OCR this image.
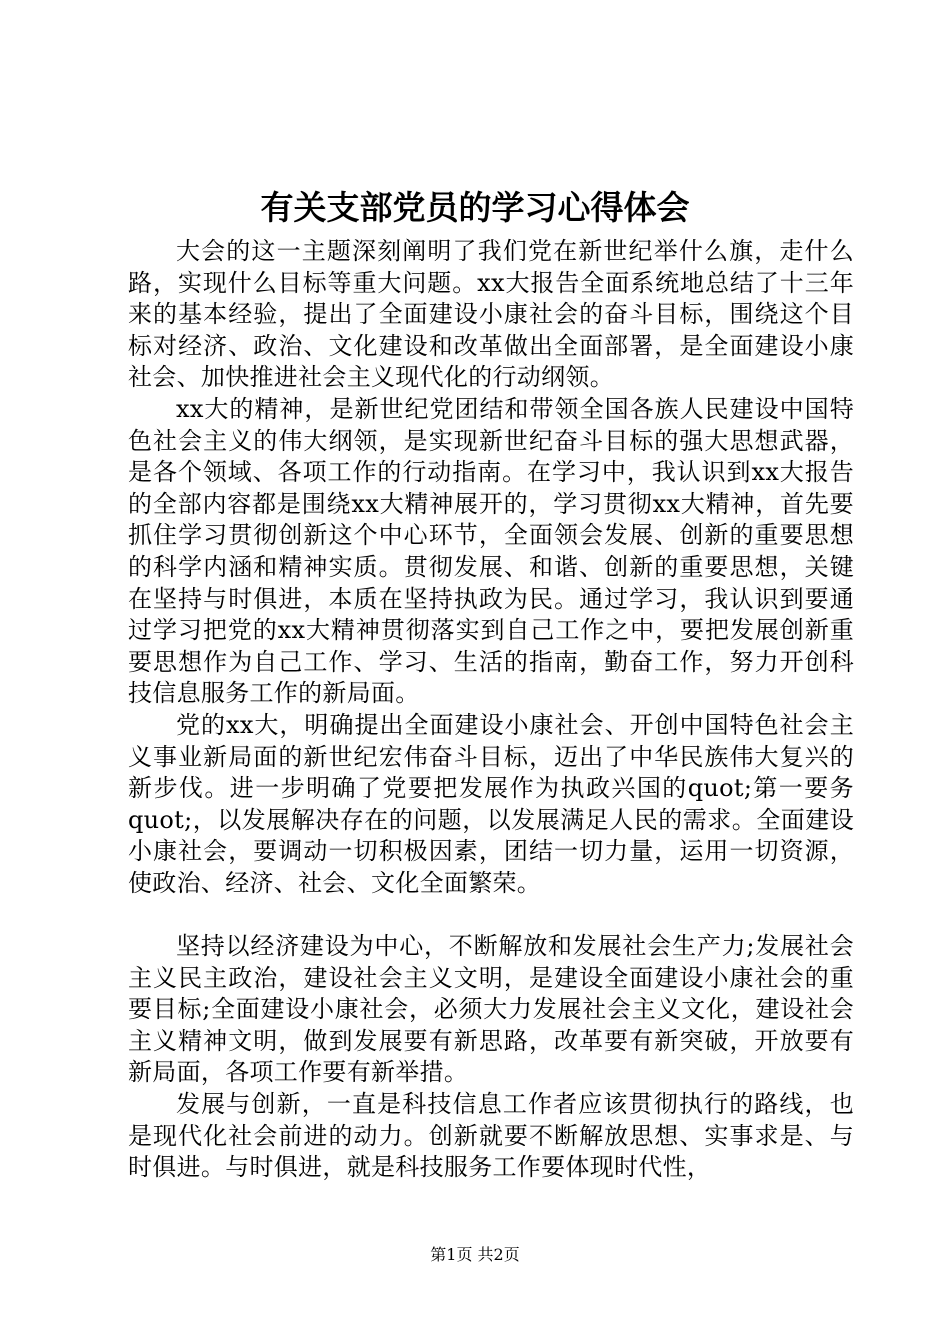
有关支部党员的学习心得体会

大会的这一主题深刻阐明了我们党在新世纪举什么旗，走什么路，实现什么目标等重大问题。xx大报告全面系统地总结了十三年来的基本经验，提出了全面建设小康社会的奋斗目标，围绕这个目标对经济、政治、文化建设和改革做出全面部署，是全面建设小康社会、加快推进社会主义现代化的行动纲领。

xx大的精神，是新世纪党团结和带领全国各族人民建设中国特色社会主义的伟大纲领，是实现新世纪奋斗目标的强大思想武器，是各个领域、各项工作的行动指南。在学习中，我认识到xx大报告的全部内容都是围绕xx大精神展开的，学习贯彻xx大精神，首先要抓住学习贯彻创新这个中心环节，全面领会发展、创新的重要思想的科学内涵和精神实质。贯彻发展、和谐、创新的重要思想，关键在坚持与时俱进，本质在坚持执政为民。通过学习，我认识到要通过学习把党的xx大精神贯彻落实到自己工作之中，要把发展创新重要思想作为自己工作、学习、生活的指南，勤奋工作，努力开创科技信息服务工作的新局面。

党的xx大，明确提出全面建设小康社会、开创中国特色社会主义事业新局面的新世纪宏伟奋斗目标，迈出了中华民族伟大复兴的新步伐。进一步明确了党要把发展作为执政兴国的quot;第一要务quot;，以发展解决存在的问题，以发展满足人民的需求。全面建设小康社会，要调动一切积极因素，团结一切力量，运用一切资源，使政治、经济、社会、文化全面繁荣。

坚持以经济建设为中心，不断解放和发展社会生产力;发展社会主义民主政治，建设社会主义文明，是建设全面建设小康社会的重要目标;全面建设小康社会，必须大力发展社会主义文化，建设社会主义精神文明，做到发展要有新思路，改革要有新突破，开放要有新局面，各项工作要有新举措。

发展与创新，一直是科技信息工作者应该贯彻执行的路线，也是现代化社会前进的动力。创新就要不断解放思想、实事求是、与时俱进。与时俱进，就是科技服务工作要体现时代性，

第1页 共2页
